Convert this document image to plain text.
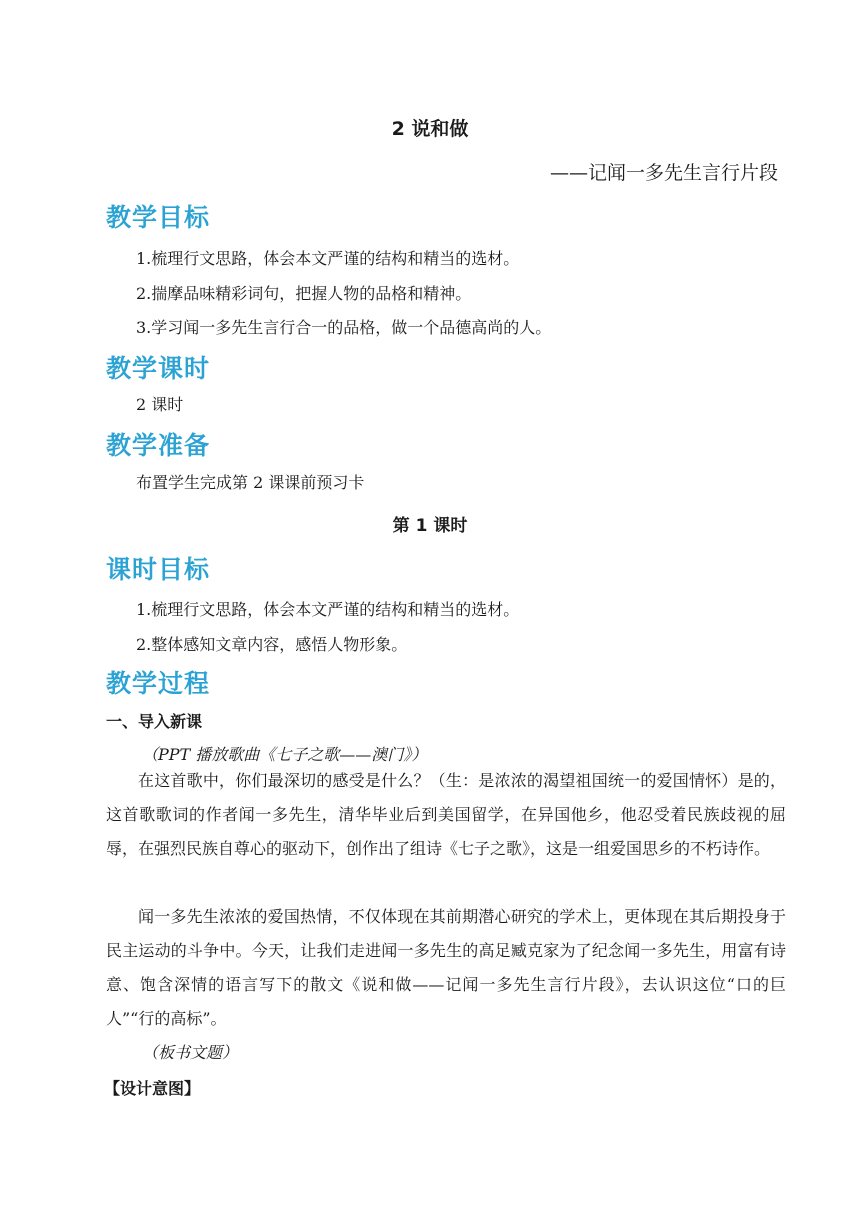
2 说和做
——记闻一多先生言行片段
教学目标
1.梳理行文思路，体会本文严谨的结构和精当的选材。
2.揣摩品味精彩词句，把握人物的品格和精神。
3.学习闻一多先生言行合一的品格，做一个品德高尚的人。
教学课时
2 课时
教学准备
布置学生完成第 2 课课前预习卡
第 1 课时
课时目标
1.梳理行文思路，体会本文严谨的结构和精当的选材。
2.整体感知文章内容，感悟人物形象。
教学过程
一、导入新课
（PPT 播放歌曲《七子之歌——澳门》）

在这首歌中，你们最深切的感受是什么？（生：是浓浓的渴望祖国统一的爱国情怀）是的，这首歌歌词的作者闻一多先生，清华毕业后到美国留学，在异国他乡，他忍受着民族歧视的屈辱，在强烈民族自尊心的驱动下，创作出了组诗《七子之歌》，这是一组爱国思乡的不朽诗作。

闻一多先生浓浓的爱国热情，不仅体现在其前期潜心研究的学术上，更体现在其后期投身于民主运动的斗争中。今天，让我们走进闻一多先生的高足臧克家为了纪念闻一多先生，用富有诗意、饱含深情的语言写下的散文《说和做——记闻一多先生言行片段》，去认识这位“口的巨人”“行的高标”。

（板书文题）
【设计意图】
